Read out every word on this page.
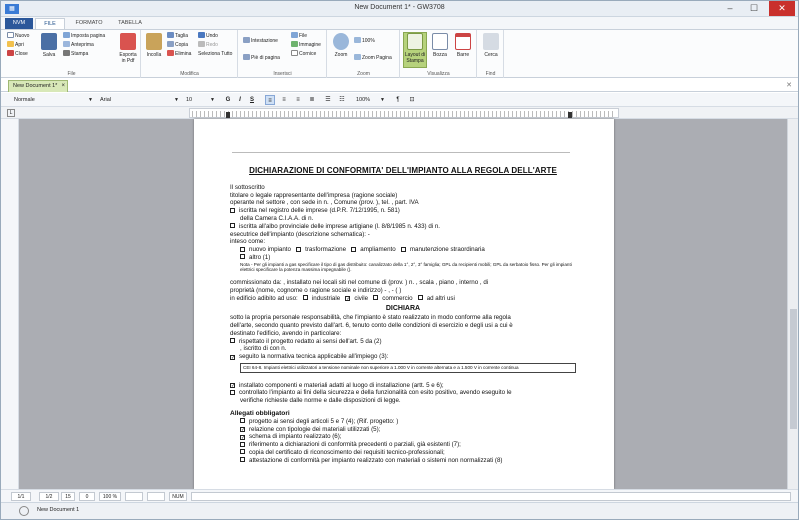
▦	New Document 1* - GW3708	–	☐	✕
NVM	FILE	FORMATO	TABELLA
Nuovo
Apri
Close	Salva
Imposta pagina
Anteprima
Stampa	Esporta in Pdf
File
Incolla
Taglia
Copia
Elimina
Undo
Redo
Seleziona Tutto
Modifica
Intestazione
Piè di pagina
File
Immagine
Cornice
Inserisci
Zoom
100%
Zoom Pagina
Zoom
Layout di Stampa
Bozza	Barre
Visualizza
Cerca
Find
New Document 1* ×	✕
Normale	▼	Arial	▼	10	▼	G	I	S	≡	≡	≡	≣	☰	☷	100% ▼	¶	⊡
L
DICHIARAZIONE DI CONFORMITA' DELL'IMPIANTO ALLA REGOLA DELL'ARTE
Il sottoscritto
titolare o legale rappresentante dell'impresa (ragione sociale)
operante nel settore , con sede in n. , Comune (prov. ), tel. , part. IVA
iscritta nel registro delle imprese (d.P.R. 7/12/1995, n. 581)
della Camera C.I.A.A. di n.
iscritta all'albo provinciale delle imprese artigiane (l. 8/8/1985 n. 433) di n.
esecutrice dell'impianto (descrizione schematica): -
inteso come:
nuovo impianto trasformazione ampliamento manutenzione straordinaria
altro (1)
Nota - Per gli impianti a gas specificare il tipo di gas distribuito: canalizzato della 1°, 2°, 3° famiglia; GPL da recipienti mobili; GPL da serbatoio fisso. Per gli impianti elettrici specificare la potenza massima impegnabile ().
commissionato da: , installato nei locali siti nel comune di (prov. ) n. , scala , piano , interno , di
proprietà (nome, cognome o ragione sociale e indirizzo) - , - ( )
in edificio adibito ad uso: industriale ✓ civile commercio ad altri usi
DICHIARA
sotto la propria personale responsabilità, che l'impianto è stato realizzato in modo conforme alla regola
dell'arte, secondo quanto previsto dall'art. 6, tenuto conto delle condizioni di esercizio e degli usi a cui è
destinato l'edificio, avendo in particolare:
rispettato il progetto redatto ai sensi dell'art. 5 da (2)
, iscritto di con n.
✓ seguito la normativa tecnica applicabile all'impiego (3):
CEI 64-8. Impianti elettrici utilizzatori a tensione nominale non superiore a 1.000 V in corrente alternata e a 1.500 V in corrente continua
✓ installato componenti e materiali adatti al luogo di installazione (artt. 5 e 6);
controllato l'impianto ai fini della sicurezza e della funzionalità con esito positivo, avendo eseguito le
verifiche richieste dalle norme e dalle disposizioni di legge.
Allegati obbligatori
progetto ai sensi degli articoli 5 e 7 (4); (Rif. progetto: )
✓ relazione con tipologie dei materiali utilizzati (5);
✓ schema di impianto realizzato (6);
riferimento a dichiarazioni di conformità precedenti o parziali, già esistenti (7);
copia del certificato di riconoscimento dei requisiti tecnico-professionali;
attestazione di conformità per impianto realizzato con materiali o sistemi non normalizzati (8)
1/1	1/2	15	0	100 %	NUM
New Document 1
